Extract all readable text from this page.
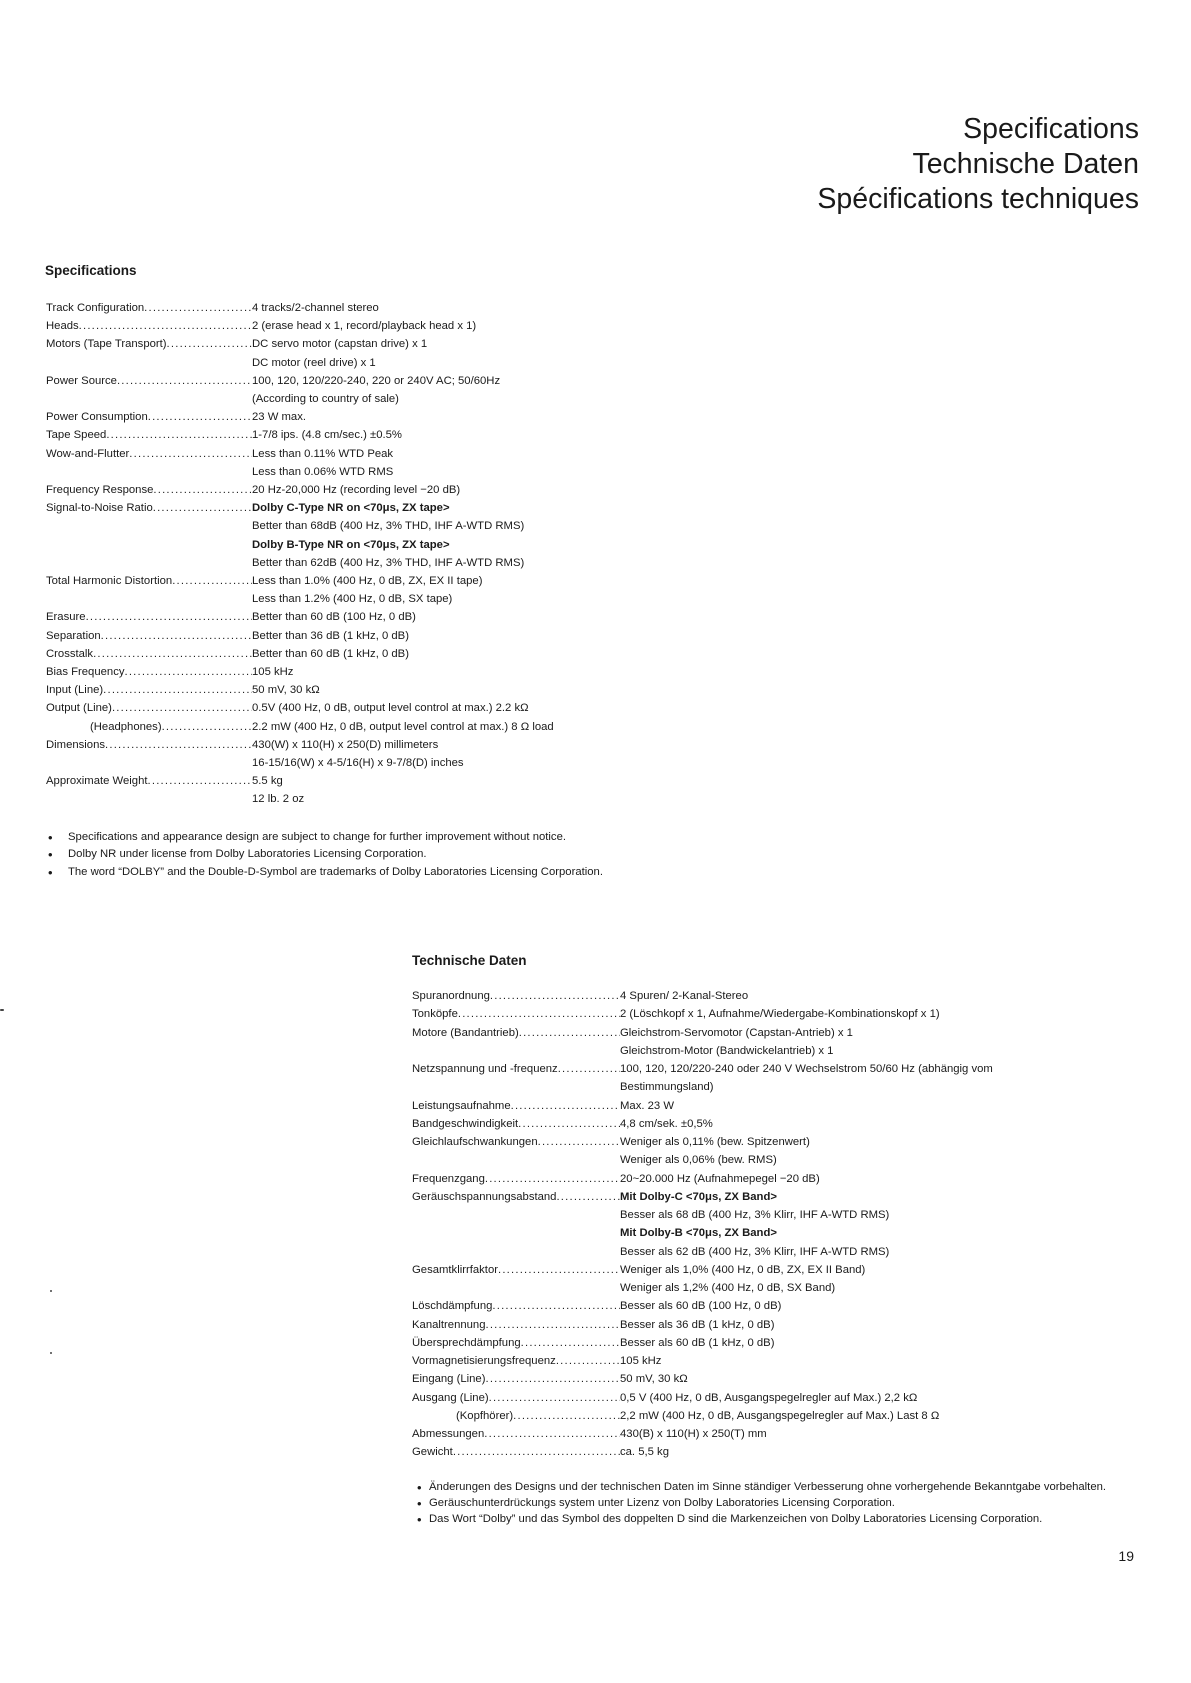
Specifications
Technische Daten
Spécifications techniques
Specifications
Track Configuration .....	4 tracks/2-channel stereo
Heads .....	2 (erase head x 1, record/playback head x 1)
Motors (Tape Transport) .....	DC servo motor (capstan drive) x 1
DC motor (reel drive) x 1
Power Source .....	100, 120, 120/220-240, 220 or 240V AC; 50/60Hz
(According to country of sale)
Power Consumption .....	23 W max.
Tape Speed .....	1-7/8 ips. (4.8 cm/sec.) ±0.5%
Wow-and-Flutter .....	Less than 0.11% WTD Peak
Less than 0.06% WTD RMS
Frequency Response .....	20 Hz-20,000 Hz (recording level −20 dB)
Signal-to-Noise Ratio .....	Dolby C-Type NR on <70μs, ZX tape>
Better than 68dB (400 Hz, 3% THD, IHF A-WTD RMS)
Dolby B-Type NR on <70μs, ZX tape>
Better than 62dB (400 Hz, 3% THD, IHF A-WTD RMS)
Total Harmonic Distortion .....	Less than 1.0% (400 Hz, 0 dB, ZX, EX II tape)
Less than 1.2% (400 Hz, 0 dB, SX tape)
Erasure .....	Better than 60 dB (100 Hz, 0 dB)
Separation .....	Better than 36 dB (1 kHz, 0 dB)
Crosstalk .....	Better than 60 dB (1 kHz, 0 dB)
Bias Frequency .....	105 kHz
Input (Line) .....	50 mV, 30 kΩ
Output (Line) .....	0.5V (400 Hz, 0 dB, output level control at max.) 2.2 kΩ
(Headphones) .....	2.2 mW (400 Hz, 0 dB, output level control at max.) 8 Ω load
Dimensions .....	430(W) x 110(H) x 250(D) millimeters
16-15/16(W) x 4-5/16(H) x 9-7/8(D) inches
Approximate Weight .....	5.5 kg
12 lb. 2 oz
• Specifications and appearance design are subject to change for further improvement without notice.
• Dolby NR under license from Dolby Laboratories Licensing Corporation.
• The word “DOLBY” and the Double-D-Symbol are trademarks of Dolby Laboratories Licensing Corporation.
Technische Daten
Spuranordnung .....	4 Spuren/ 2-Kanal-Stereo
Tonköpfe .....	2 (Löschkopf x 1, Aufnahme/Wiedergabe-Kombinationskopf x 1)
Motore (Bandantrieb) .....	Gleichstrom-Servomotor (Capstan-Antrieb) x 1
Gleichstrom-Motor (Bandwickelantrieb) x 1
Netzspannung und -frequenz .....	100, 120, 120/220-240 oder 240 V Wechselstrom 50/60 Hz (abhängig vom
Bestimmungsland)
Leistungsaufnahme .....	Max. 23 W
Bandgeschwindigkeit .....	4,8 cm/sek. ±0,5%
Gleichlaufschwankungen .....	Weniger als 0,11% (bew. Spitzenwert)
Weniger als 0,06% (bew. RMS)
Frequenzgang .....	20~20.000 Hz (Aufnahmepegel −20 dB)
Geräuschspannungsabstand .....	Mit Dolby-C <70μs, ZX Band>
Besser als 68 dB (400 Hz, 3% Klirr, IHF A-WTD RMS)
Mit Dolby-B <70μs, ZX Band>
Besser als 62 dB (400 Hz, 3% Klirr, IHF A-WTD RMS)
Gesamtklirrfaktor .....	Weniger als 1,0% (400 Hz, 0 dB, ZX, EX II Band)
Weniger als 1,2% (400 Hz, 0 dB, SX Band)
Löschdämpfung .....	Besser als 60 dB (100 Hz, 0 dB)
Kanaltrennung .....	Besser als 36 dB (1 kHz, 0 dB)
Übersprechdämpfung .....	Besser als 60 dB (1 kHz, 0 dB)
Vormagnetisierungsfrequenz .....	105 kHz
Eingang (Line) .....	50 mV, 30 kΩ
Ausgang (Line) .....	0,5 V (400 Hz, 0 dB, Ausgangspegelregler auf Max.) 2,2 kΩ
(Kopfhörer) .....	2,2 mW (400 Hz, 0 dB, Ausgangspegelregler auf Max.) Last 8 Ω
Abmessungen .....	430(B) x 110(H) x 250(T) mm
Gewicht .....	ca. 5,5 kg
• Änderungen des Designs und der technischen Daten im Sinne ständiger Verbesserung ohne vorhergehende Bekanntgabe vorbehalten.
• Geräuschunterdrückungs system unter Lizenz von Dolby Laboratories Licensing Corporation.
• Das Wort “Dolby” und das Symbol des doppelten D sind die Markenzeichen von Dolby Laboratories Licensing Corporation.
19
